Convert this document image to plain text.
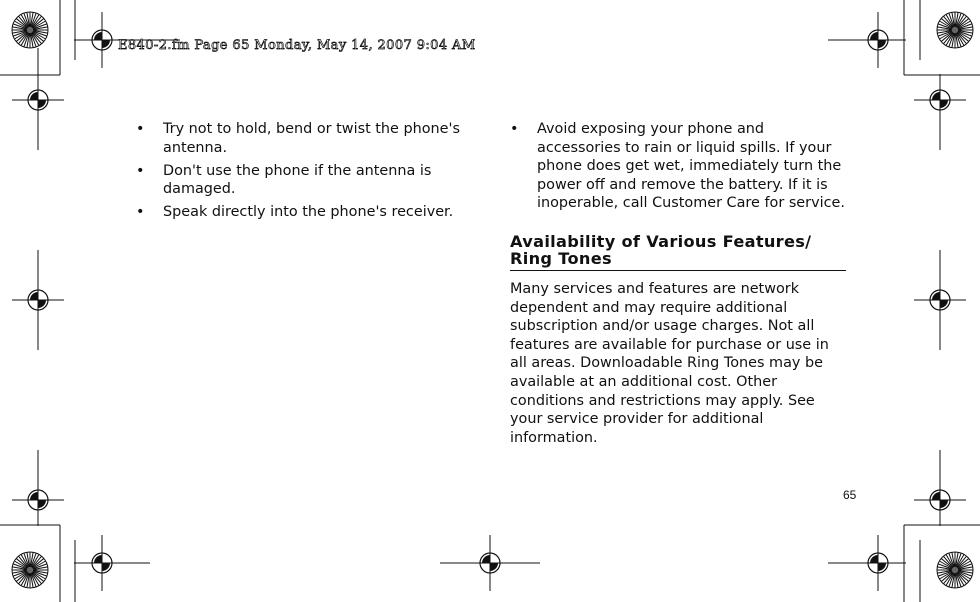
E840-2.fm Page 65 Monday, May 14, 2007 9:04 AM
• Try not to hold, bend or twist the phone's antenna.
• Don't use the phone if the antenna is damaged.
• Speak directly into the phone's receiver.
• Avoid exposing your phone and accessories to rain or liquid spills. If your phone does get wet, immediately turn the power off and remove the battery. If it is inoperable, call Customer Care for service.
Availability of Various Features/ Ring Tones
Many services and features are network dependent and may require additional subscription and/or usage charges. Not all features are available for purchase or use in all areas. Downloadable Ring Tones may be available at an additional cost. Other conditions and restrictions may apply. See your service provider for additional information.
65
